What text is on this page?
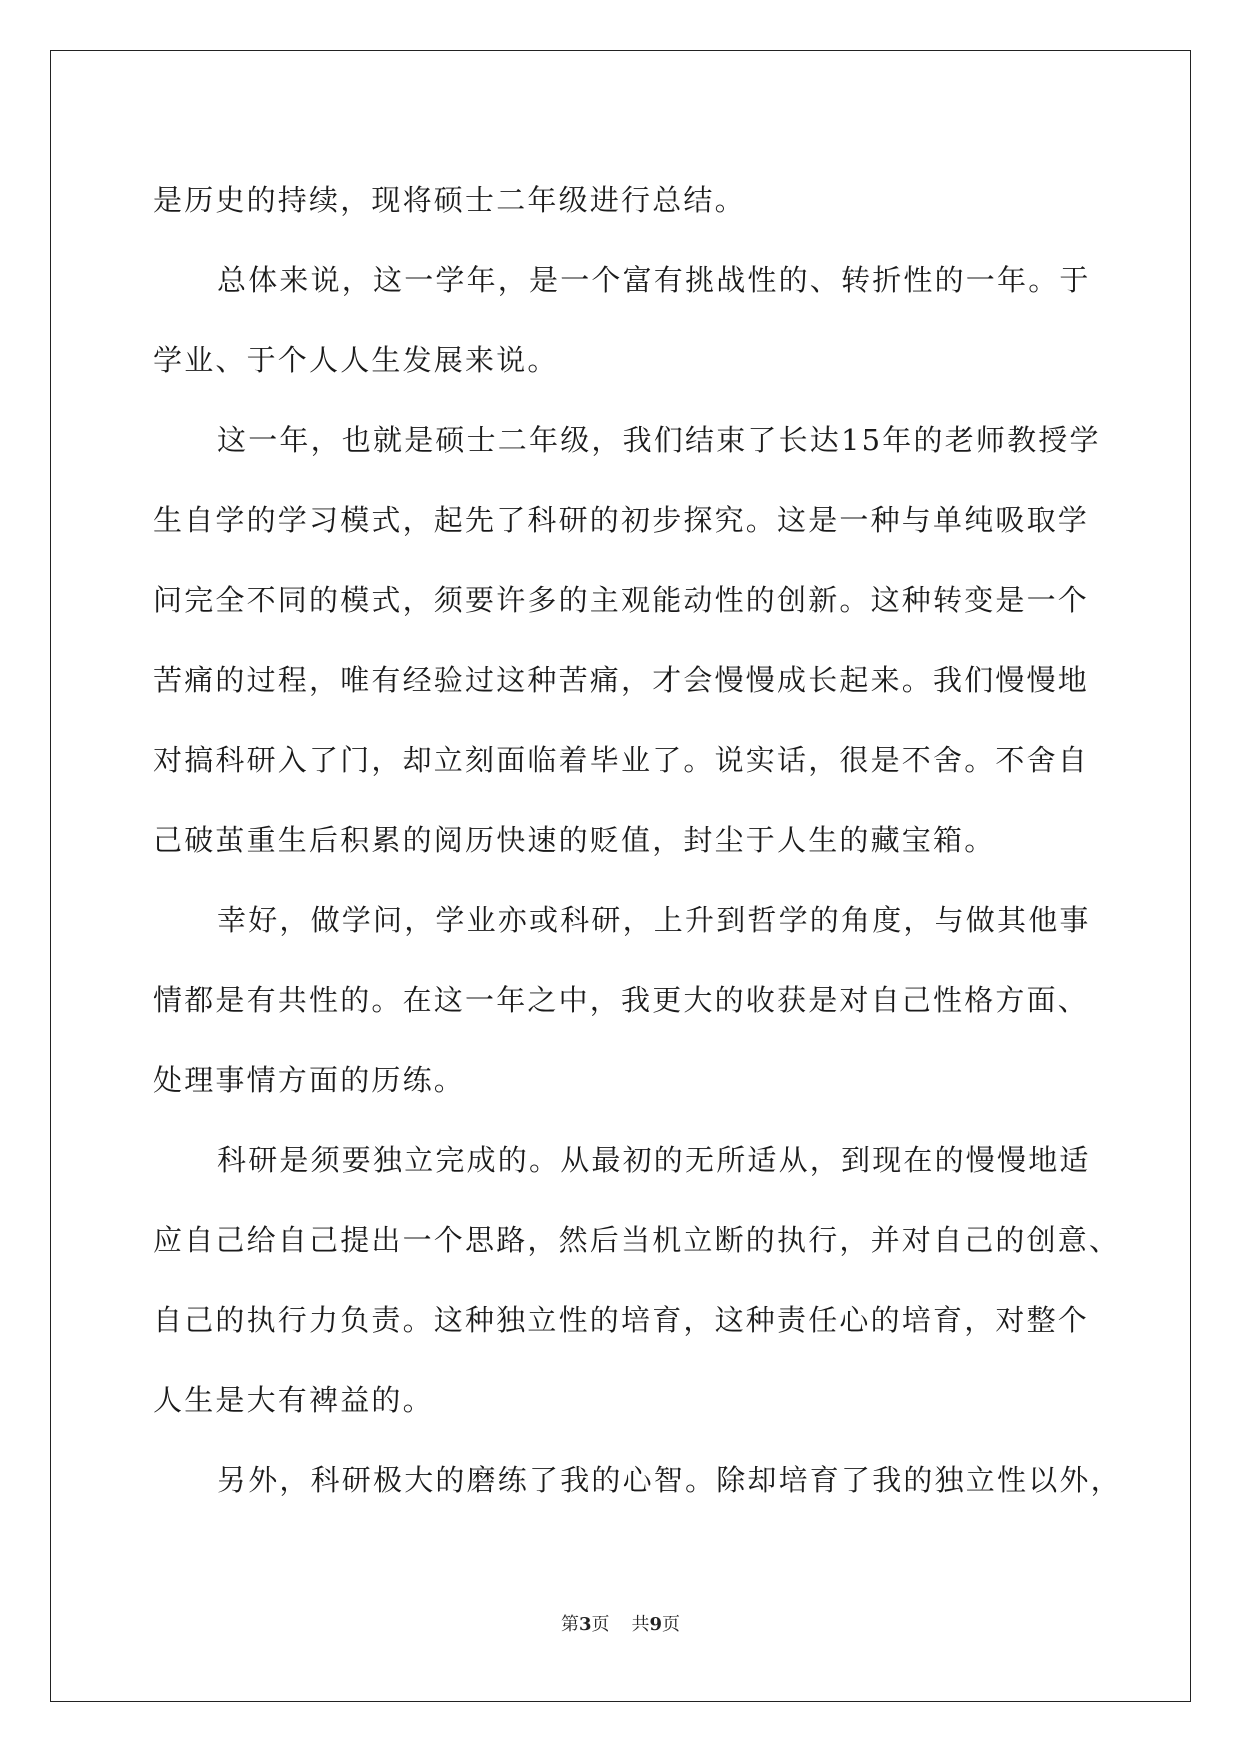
是历史的持续，现将硕士二年级进行总结。
总体来说，这一学年，是一个富有挑战性的、转折性的一年。于
学业、于个人人生发展来说。
这一年，也就是硕士二年级，我们结束了长达15年的老师教授学
生自学的学习模式，起先了科研的初步探究。这是一种与单纯吸取学
问完全不同的模式，须要许多的主观能动性的创新。这种转变是一个
苦痛的过程，唯有经验过这种苦痛，才会慢慢成长起来。我们慢慢地
对搞科研入了门，却立刻面临着毕业了。说实话，很是不舍。不舍自
己破茧重生后积累的阅历快速的贬值，封尘于人生的藏宝箱。
幸好，做学问，学业亦或科研，上升到哲学的角度，与做其他事
情都是有共性的。在这一年之中，我更大的收获是对自己性格方面、
处理事情方面的历练。
科研是须要独立完成的。从最初的无所适从，到现在的慢慢地适
应自己给自己提出一个思路，然后当机立断的执行，并对自己的创意、
自己的执行力负责。这种独立性的培育，这种责任心的培育，对整个
人生是大有裨益的。
另外，科研极大的磨练了我的心智。除却培育了我的独立性以外，
第3页 共9页
